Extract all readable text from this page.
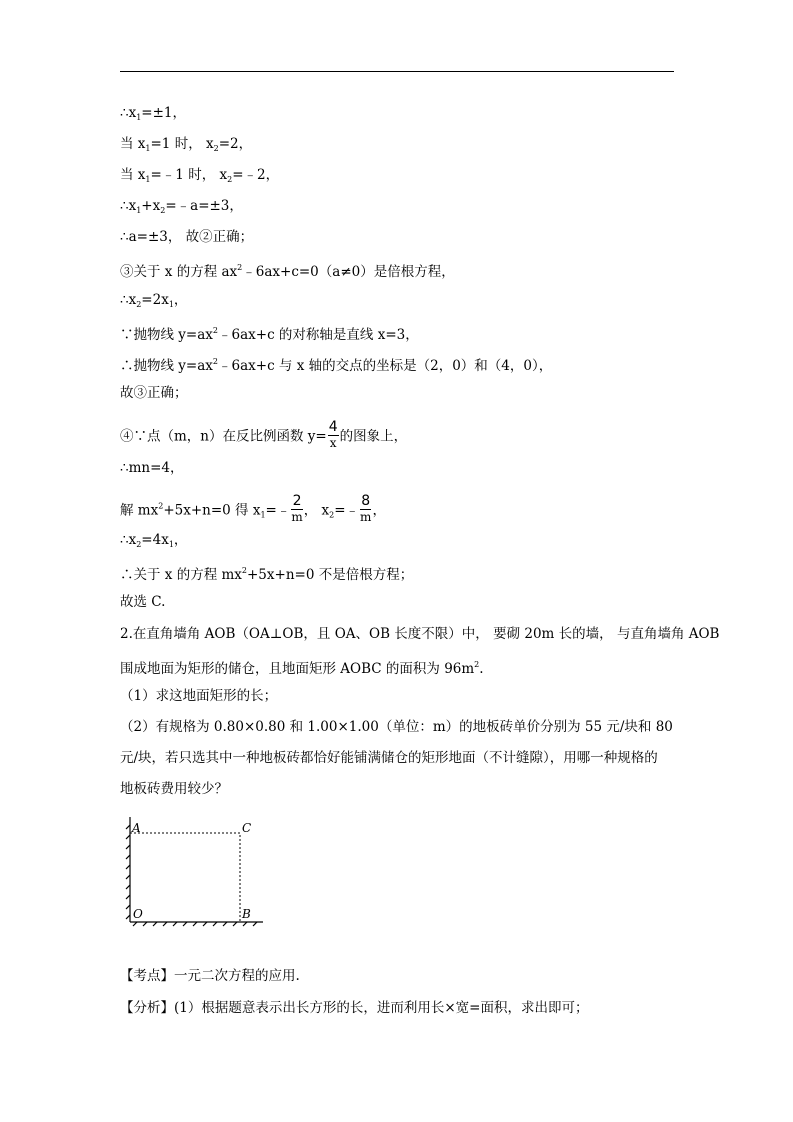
$\therefore x_1=\pm 1$，
当 $x_1=1$ 时， $x_2=2$，
当 $x_1=﹣1$ 时， $x_2=﹣2$，
$\therefore x_1+x_2=﹣a=\pm 3$，
∴a=±3， 故②正确；
③关于 x 的方程 $ax^2﹣6ax+c=0(a\ne 0)$是倍根方程，
$\therefore x_2=2x_1$，
∵抛物线 $y=ax^2﹣6ax+c$ 的对称轴是直线 x=3，
∴抛物线 $y=ax^2﹣6ax+c$ 与 x 轴的交点的坐标是（2，0）和（4，0），
故③正确；
④∵点（m，n）在反比例函数 $y= \frac{4}{x}$ 的图象上，
∴mn=4，
解 $mx^2+5x+n=0$ 得 $x_1=﹣ \frac{2}{m}$ ， $x_2=﹣ \frac{8}{m}$ ，
$\therefore x_2=4x_1$，
∴关于 x 的方程 $mx^2+5x+n=0$ 不是倍根方程；
故选 C.
2.在直角墙角 AOB（OA⊥OB，且 OA、OB 长度不限）中， 要砌 20m 长的墙， 与直角墙角 AOB
围成地面为矩形的储仓，且地面矩形 AOBC 的面积为 $96m^2$.
（1）求这地面矩形的长；
（2）有规格为 0.80×0.80 和 1.00×1.00（单位：m）的地板砖单价分别为 55 元/块和 80
元/块，若只选其中一种地板砖都恰好能铺满储仓的矩形地面（不计缝隙），用哪一种规格的
地板砖费用较少？
A	C
O	B
【考点】一元二次方程的应用.
【分析】(1）根据题意表示出长方形的长，进而利用长×宽=面积，求出即可；
